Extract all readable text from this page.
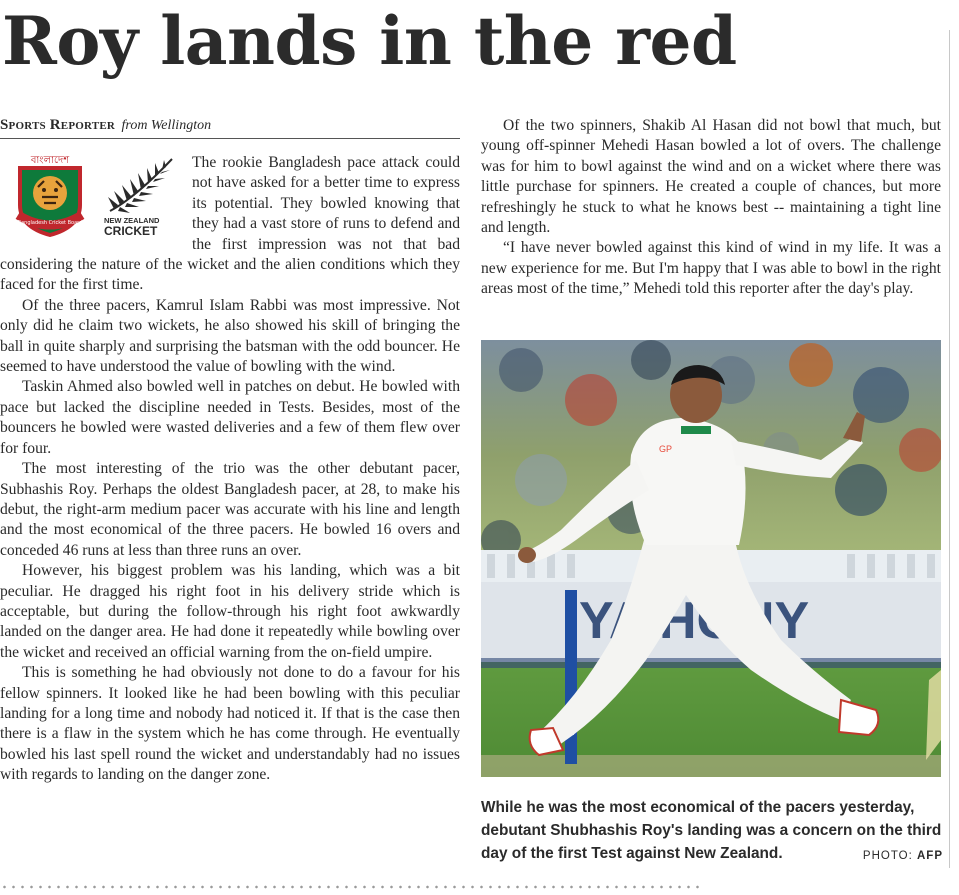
Roy lands in the red
Sports Reporter from Wellington
বাংলাদেশ
Bangladesh Cricket Board	NEW ZEALAND
CRICKET

The rookie Bangladesh pace attack could not have asked for a better time to express its potential. They bowled knowing that they had a vast store of runs to defend and the first impression was not that bad considering the nature of the wicket and the alien conditions which they faced for the first time.

Of the three pacers, Kamrul Islam Rabbi was most impressive. Not only did he claim two wickets, he also showed his skill of bringing the ball in quite sharply and surprising the batsman with the odd bouncer. He seemed to have understood the value of bowling with the wind.

Taskin Ahmed also bowled well in patches on debut. He bowled with pace but lacked the discipline needed in Tests. Besides, most of the bouncers he bowled were wasted deliveries and a few of them flew over for four.

The most interesting of the trio was the other debutant pacer, Subhashis Roy. Perhaps the oldest Bangladesh pacer, at 28, to make his debut, the right-arm medium pacer was accurate with his line and length and the most economical of the three pacers. He bowled 16 overs and conceded 46 runs at less than three runs an over.

However, his biggest problem was his landing, which was a bit peculiar. He dragged his right foot in his delivery stride which is acceptable, but during the follow-through his right foot awkwardly landed on the danger area. He had done it repeatedly while bowling over the wicket and received an official warning from the on-field umpire.

This is something he had obviously not done to do a favour for his fellow spinners. It looked like he had been bowling with this peculiar landing for a long time and nobody had noticed it. If that is the case then there is a flaw in the system which he has come through. He eventually bowled his last spell round the wicket and understandably had no issues with regards to landing on the danger zone.

Of the two spinners, Shakib Al Hasan did not bowl that much, but young off-spinner Mehedi Hasan bowled a lot of overs. The challenge was for him to bowl against the wind and on a wicket where there was little purchase for spinners. He created a couple of chances, but more refreshingly he stuck to what he knows best -- maintaining a tight line and length.

“I have never bowled against this kind of wind in my life. It was a new experience for me. But I'm happy that I was able to bowl in the right areas most of the time,” Mehedi told this reporter after the day's play.

YA HONY
GP
While he was the most economical of the pacers yesterday, debutant Shubhashis Roy's landing was a concern on the third day of the first Test against New Zealand.	PHOTO: AFP
